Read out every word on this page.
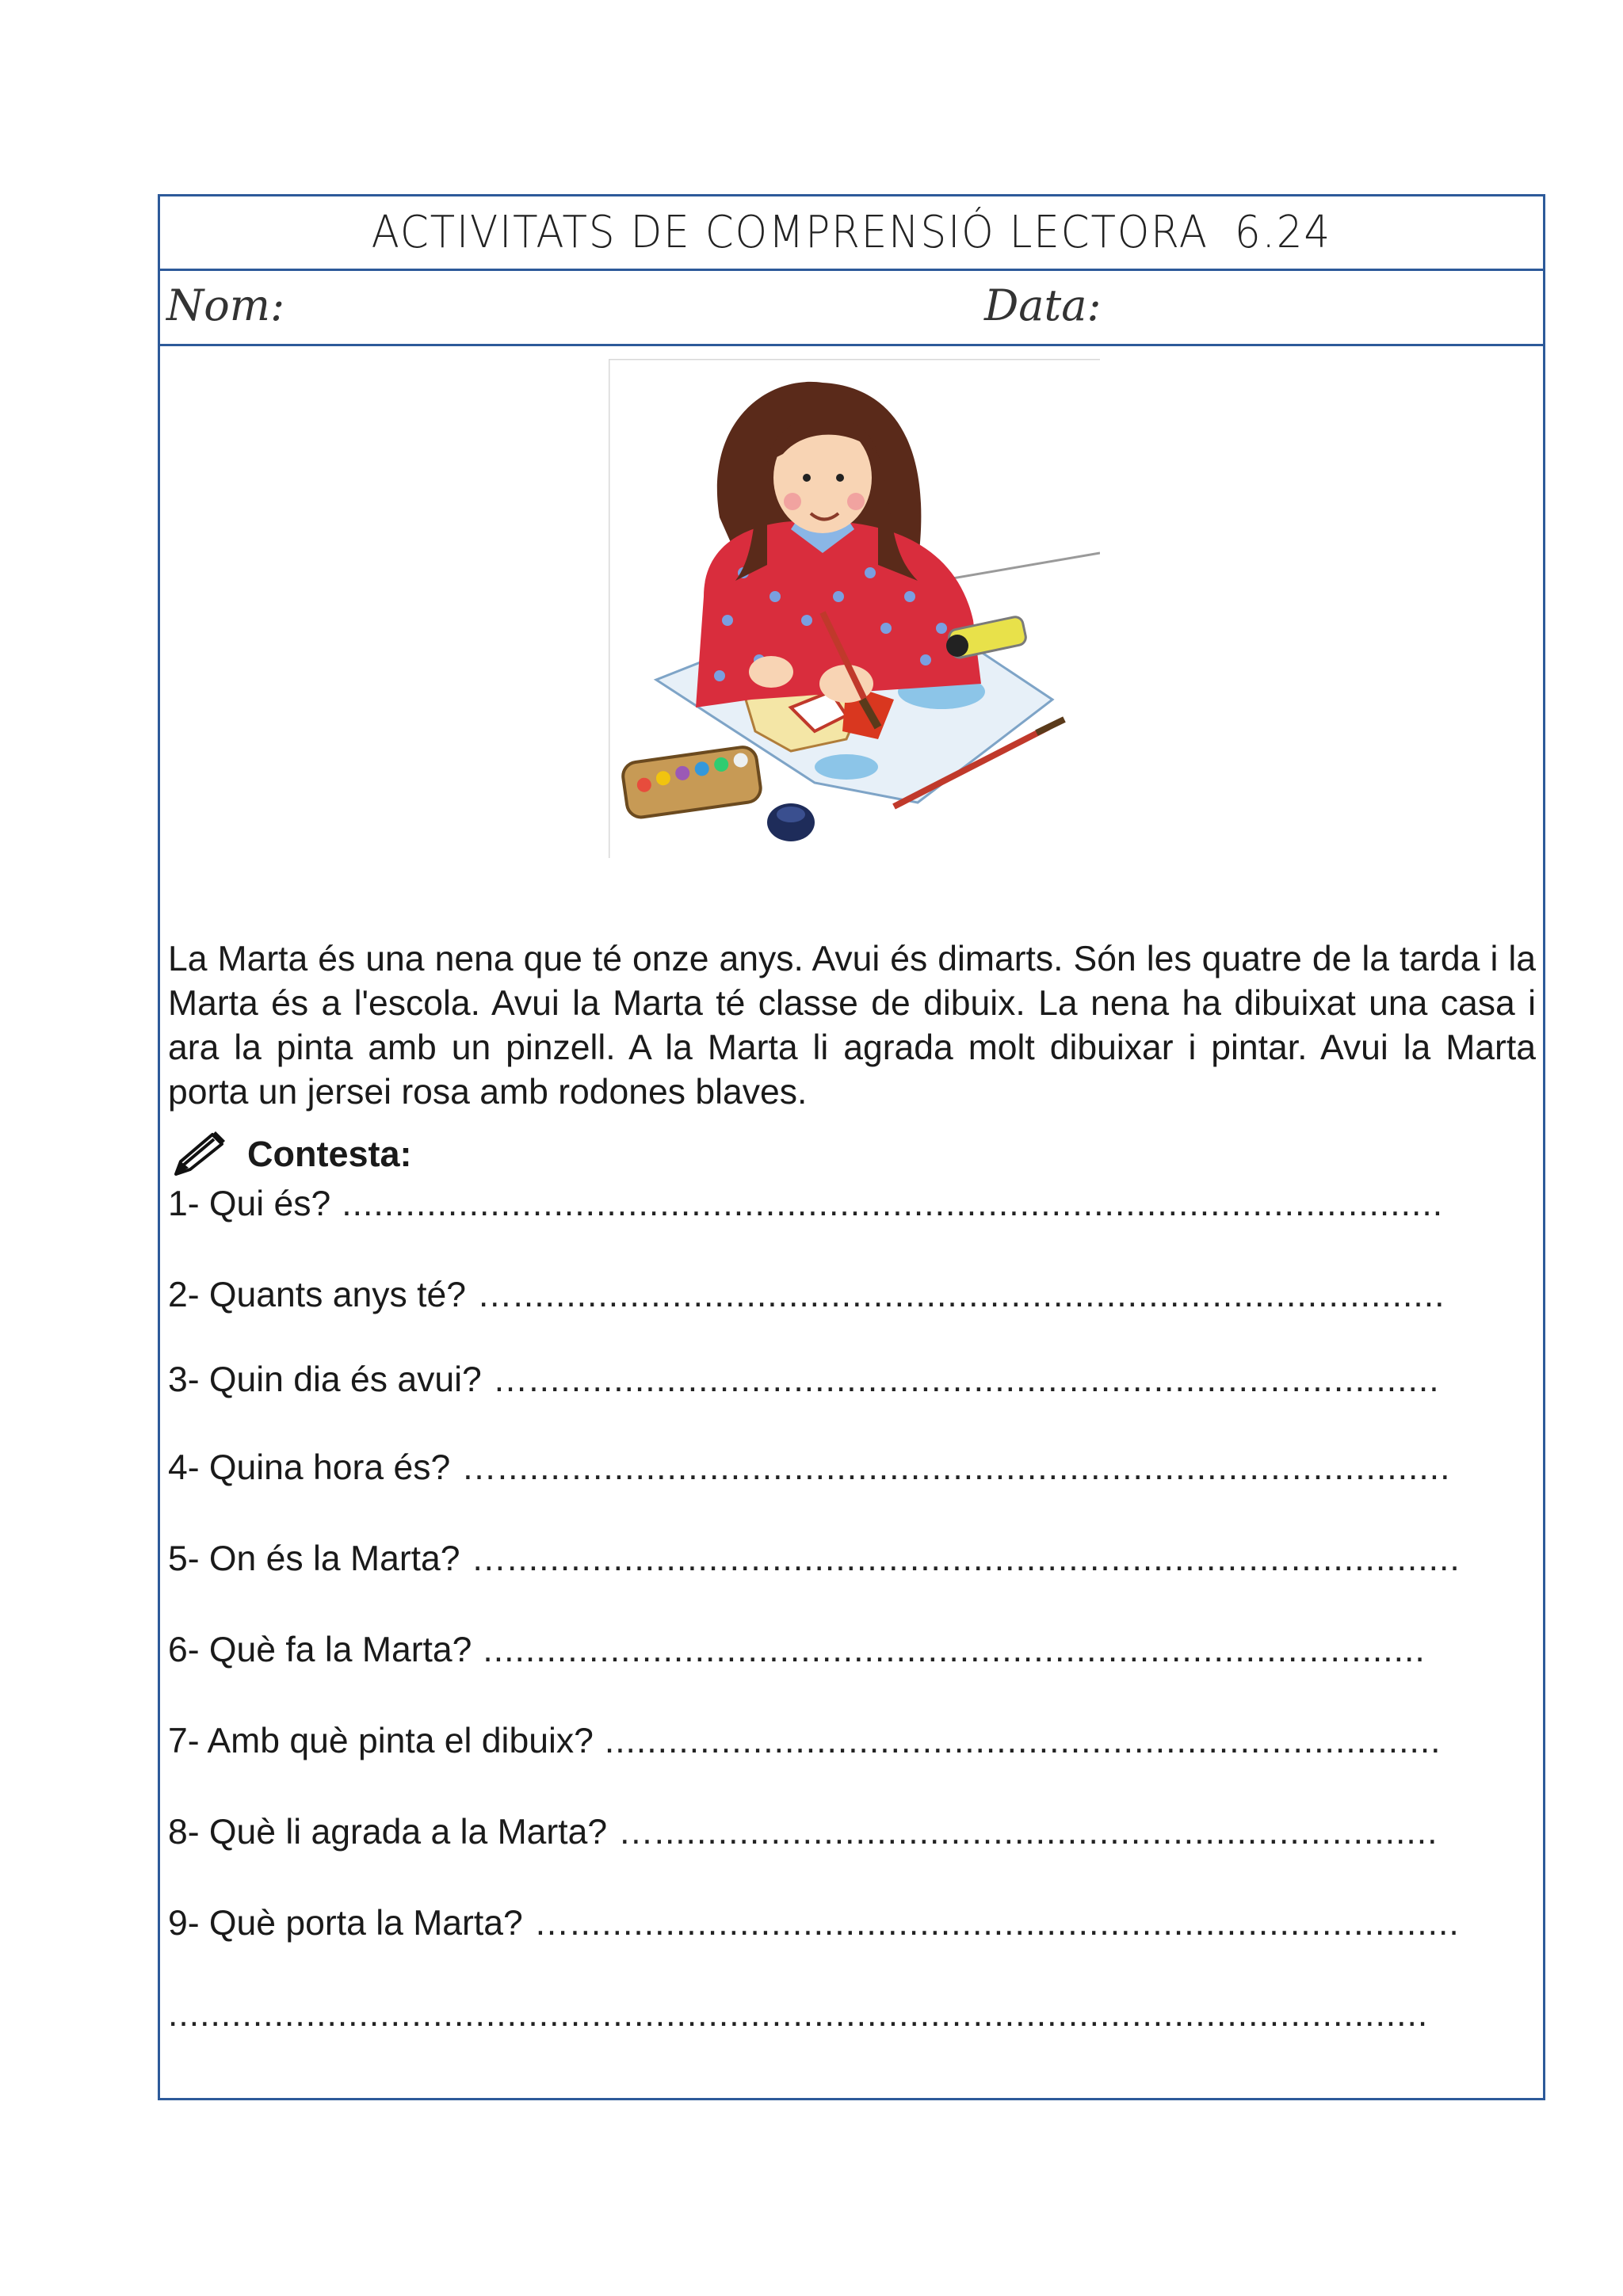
ACTIVITATS DE COMPRENSIÓ LECTORA 6.24
Nom:	Data:

La Marta és una nena que té onze anys. Avui és dimarts. Són les quatre de la tarda i la Marta és a l'escola. Avui la Marta té classe de dibuix. La nena ha dibuixat una casa i ara la pinta amb un pinzell. A la Marta li agrada molt dibuixar i pintar. Avui la Marta porta un jersei rosa amb rodones blaves.

Contesta:
1- Qui és? ........................................................................................................
2- Quants anys té? …........................................................................................
3- Quin dia és avui? …......................................................................................
4- Quina hora és? …..........................................................................................
5- On és la Marta? …..........................................................................................
6- Què fa la Marta? .........................................................................................
7- Amb què pinta el dibuix? ...............................................................................
8- Què li agrada a la Marta? …..........................................................................
9- Què porta la Marta? …....................................................................................
.......................................................................................................................
